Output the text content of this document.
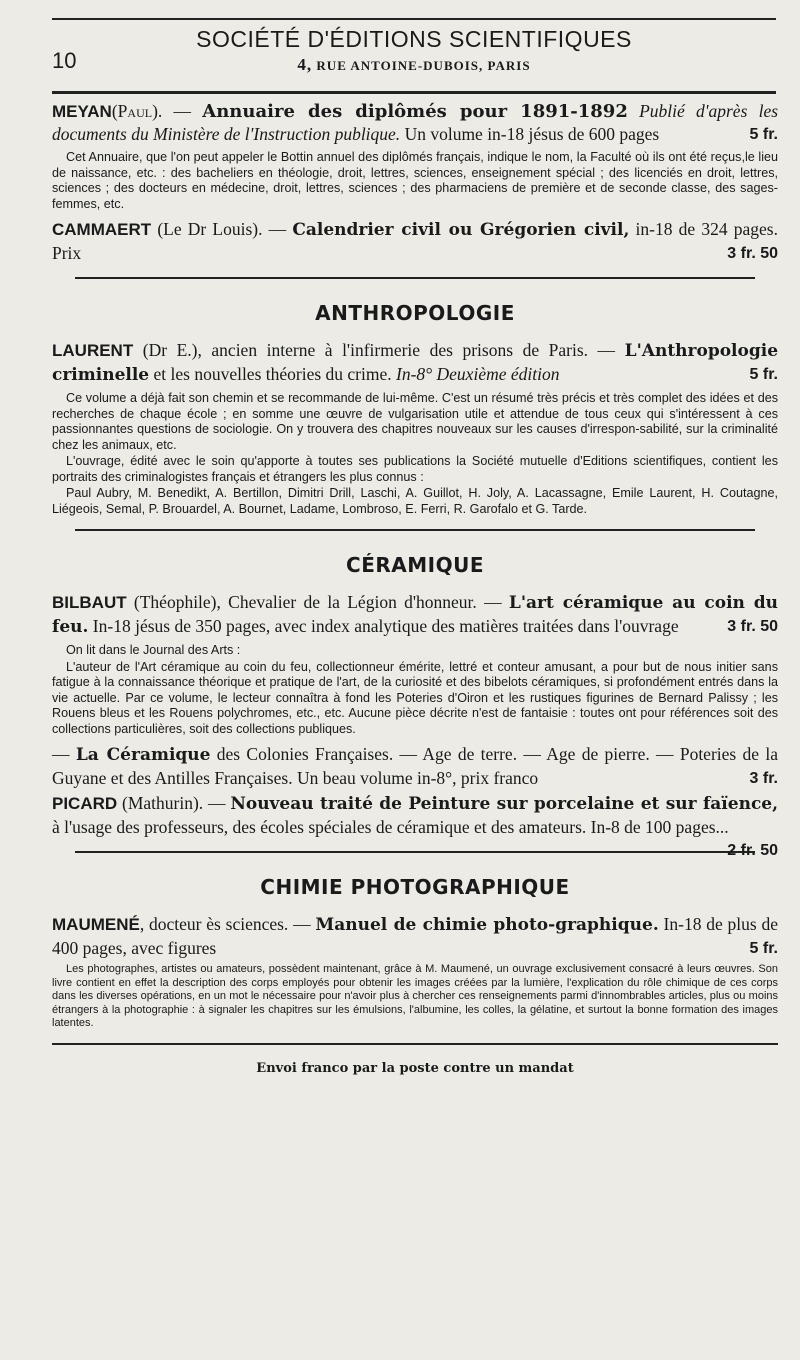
10
SOCIÉTÉ D'ÉDITIONS SCIENTIFIQUES
4, RUE ANTOINE-DUBOIS, PARIS

MEYAN(Paul). — Annuaire des diplômés pour 1891-1892 Publié d'après les documents du Ministère de l'Instruction publique. Un volume in-18 jésus de 600 pages	5 fr.

Cet Annuaire, que l'on peut appeler le Bottin annuel des diplômés français, indique le nom, la Faculté où ils ont été reçus,le lieu de naissance, etc. : des bacheliers en théologie, droit, lettres, sciences, enseignement spécial ; des licenciés en droit, lettres, sciences ; des docteurs en médecine, droit, lettres, sciences ; des pharmaciens de première et de seconde classe, des sages-femmes, etc.

CAMMAERT (Le Dr Louis). — Calendrier civil ou Grégorien civil, in-18 de 324 pages. Prix	3 fr. 50

ANTHROPOLOGIE

LAURENT (Dr E.), ancien interne à l'infirmerie des prisons de Paris. — L'Anthropologie criminelle et les nouvelles théories du crime. In-8° Deuxième édition	5 fr.

Ce volume a déjà fait son chemin et se recommande de lui-même. C'est un résumé très précis et très complet des idées et des recherches de chaque école ; en somme une œuvre de vulgarisation utile et attendue de tous ceux qui s'intéressent à ces passionnantes questions de sociologie. On y trouvera des chapitres nouveaux sur les causes d'irrespon-sabilité, sur la criminalité chez les animaux, etc.

L'ouvrage, édité avec le soin qu'apporte à toutes ses publications la Société mutuelle d'Editions scientifiques, contient les portraits des criminalogistes français et étrangers les plus connus :

Paul Aubry, M. Benedikt, A. Bertillon, Dimitri Drill, Laschi, A. Guillot, H. Joly, A. Lacassagne, Emile Laurent, H. Coutagne, Liégeois, Semal, P. Brouardel, A. Bournet, Ladame, Lombroso, E. Ferri, R. Garofalo et G. Tarde.

CÉRAMIQUE

BILBAUT (Théophile), Chevalier de la Légion d'honneur. — L'art céramique au coin du feu. In-18 jésus de 350 pages, avec index analytique des matières traitées dans l'ouvrage	3 fr. 50

On lit dans le Journal des Arts :

L'auteur de l'Art céramique au coin du feu, collectionneur émérite, lettré et conteur amusant, a pour but de nous initier sans fatigue à la connaissance théorique et pratique de l'art, de la curiosité et des bibelots céramiques, si profondément entrés dans la vie actuelle. Par ce volume, le lecteur connaîtra à fond les Poteries d'Oiron et les rustiques figurines de Bernard Palissy ; les Rouens bleus et les Rouens polychromes, etc., etc. Aucune pièce décrite n'est de fantaisie : toutes ont pour références soit des collections particulières, soit des collections publiques.

— La Céramique des Colonies Françaises. — Age de terre. — Age de pierre. — Poteries de la Guyane et des Antilles Françaises. Un beau volume in-8°, prix franco	3 fr.

PICARD (Mathurin). — Nouveau traité de Peinture sur porcelaine et sur faïence, à l'usage des professeurs, des écoles spéciales de céramique et des amateurs. In-8 de 100 pages...
2 fr. 50

CHIMIE PHOTOGRAPHIQUE

MAUMENÉ, docteur ès sciences. — Manuel de chimie photo-graphique. In-18 de plus de 400 pages, avec figures	5 fr.

Les photographes, artistes ou amateurs, possèdent maintenant, grâce à M. Maumené, un ouvrage exclusivement consacré à leurs œuvres. Son livre contient en effet la description des corps employés pour obtenir les images créées par la lumière, l'explication du rôle chimique de ces corps dans les diverses opérations, en un mot le nécessaire pour n'avoir plus à chercher ces renseignements parmi d'innombrables articles, plus ou moins étrangers à la photographie : à signaler les chapitres sur les émulsions, l'albumine, les colles, la gélatine, et surtout la bonne formation des images latentes.

Envoi franco par la poste contre un mandat
